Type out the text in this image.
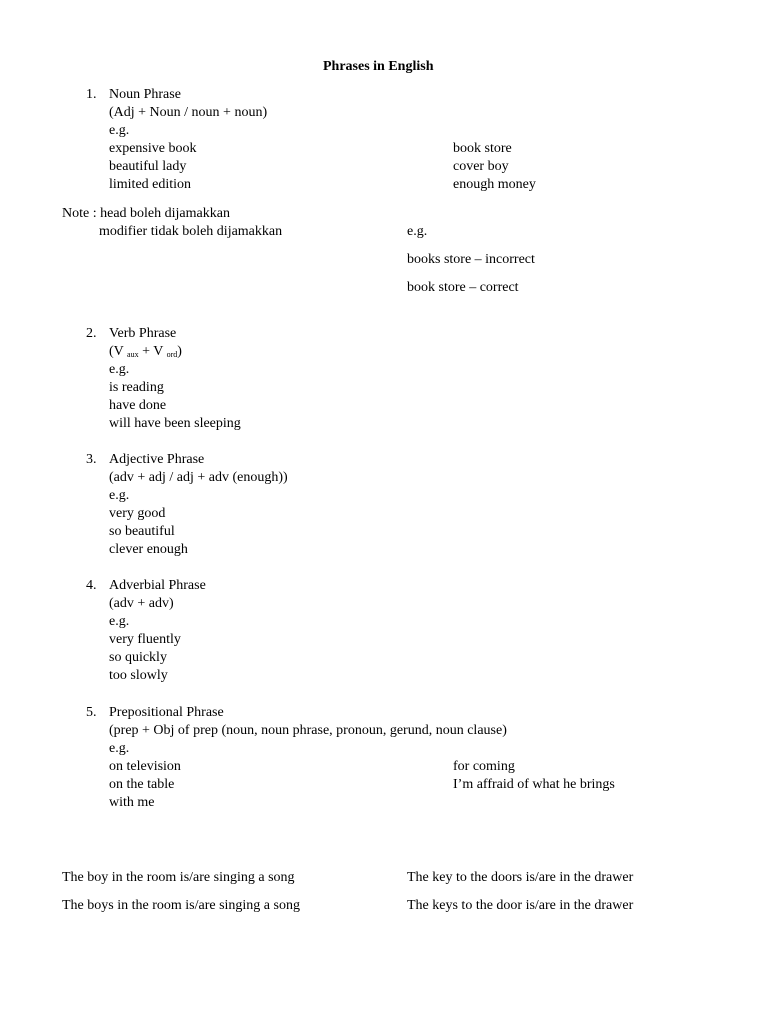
Phrases in English
1. Noun Phrase
(Adj + Noun / noun + noun)
e.g.
expensive book
beautiful lady
limited edition
book store
cover boy
enough money
Note : head boleh dijamakkan
modifier tidak boleh dijamakkan	e.g.
books store – incorrect
book store – correct
2. Verb Phrase
(V $_{aux}$ + V $_{ord}$)
e.g.
is reading
have done
will have been sleeping
3. Adjective Phrase
(adv + adj / adj + adv (enough))
e.g.
very good
so beautiful
clever enough
4. Adverbial Phrase
(adv + adv)
e.g.
very fluently
so quickly
too slowly
5. Prepositional Phrase
(prep + Obj of prep (noun, noun phrase, pronoun, gerund, noun clause)
e.g.
on television
on the table
with me
for coming
I’m affraid of what he brings
The boy in the room is/are singing a song
The boys in the room is/are singing a song
The key to the doors is/are in the drawer
The keys to the door is/are in the drawer
